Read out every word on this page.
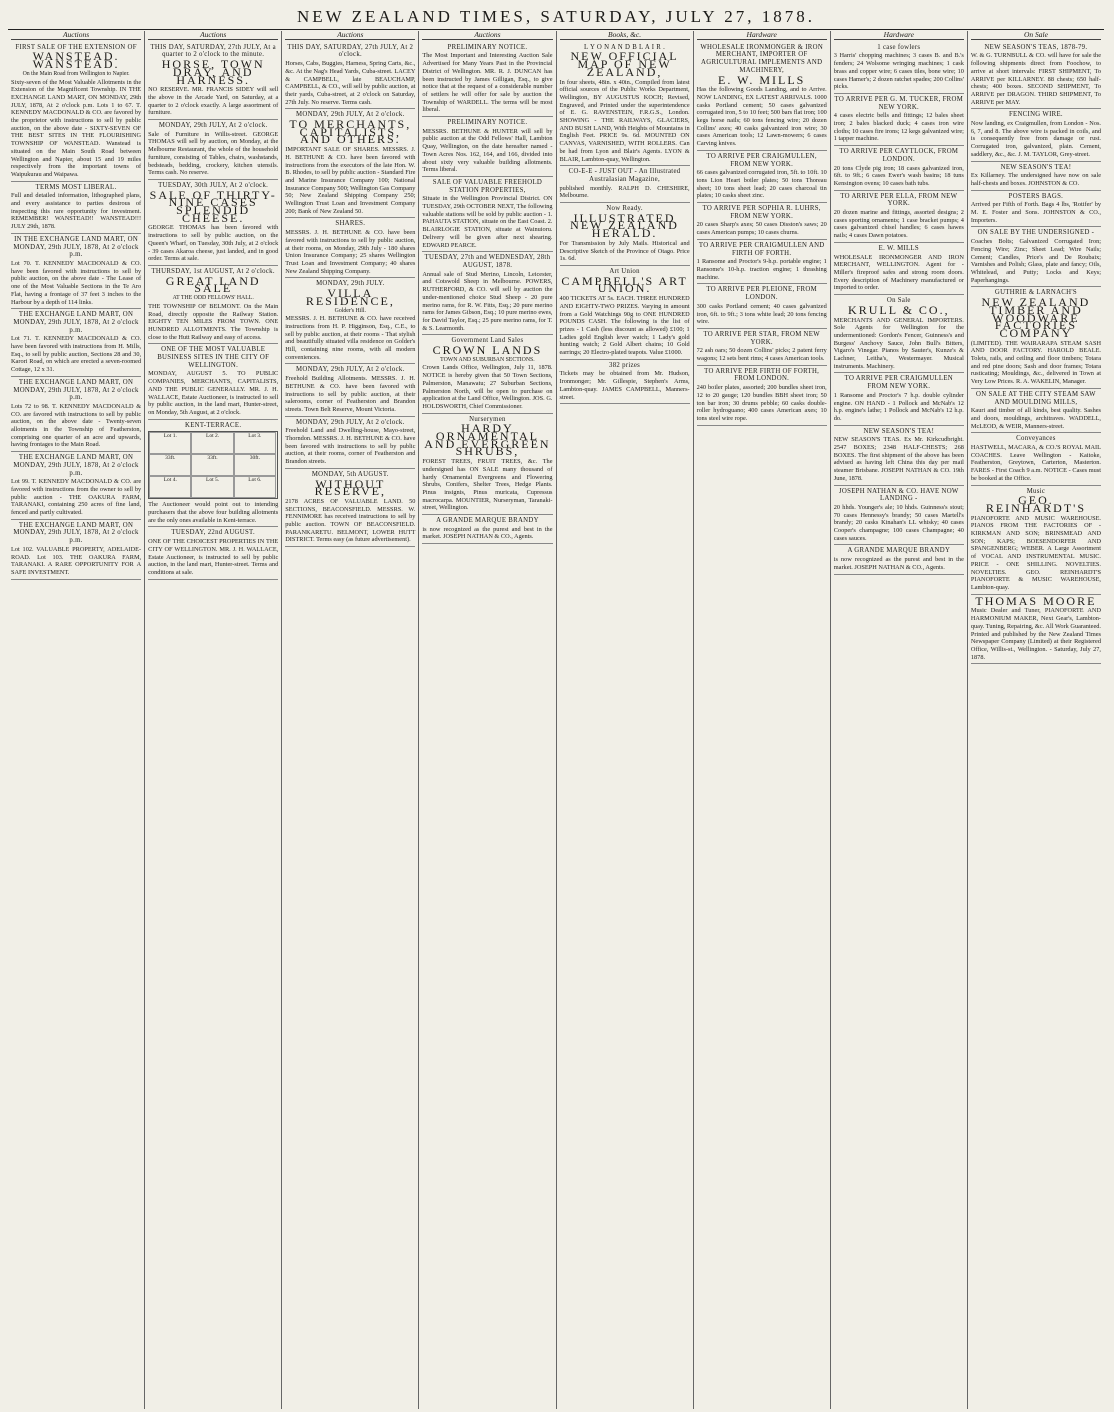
NEW ZEALAND TIMES, SATURDAY, JULY 27, 1878.
Auctions
FIRST SALE OF THE EXTENSION OF
WANSTEAD. WANSTEAD.
On the Main Road from Wellington to Napier.

Sixty-seven of the Most Valuable Allotments in the Extension of the Magnificent Township. IN THE EXCHANGE LAND MART, ON MONDAY, 29th JULY, 1878, At 2 o'clock p.m. Lots 1 to 67. T. KENNEDY MACDONALD & CO. are favored by the proprietor with instructions to sell by public auction, on the above date - SIXTY-SEVEN OF THE BEST SITES IN THE FLOURISHING TOWNSHIP OF WANSTEAD. Wanstead is situated on the Main South Road between Wellington and Napier, about 15 and 19 miles respectively from the important towns of Waipukurau and Waipawa.

TERMS MOST LIBERAL.

Full and detailed information, lithographed plans, and every assistance to parties desirous of inspecting this rare opportunity for investment. REMEMBER! WANSTEAD!! WANSTEAD!!! JULY 29th, 1878.

IN THE EXCHANGE LAND MART, ON MONDAY, 29th JULY, 1878, At 2 o'clock p.m.

Lot 70. T. KENNEDY MACDONALD & CO. have been favored with instructions to sell by public auction, on the above date - The Lease of one of the Most Valuable Sections in the Te Aro Flat, having a frontage of 37 feet 3 inches to the Harbour by a depth of 114 links.

THE EXCHANGE LAND MART, ON MONDAY, 29th JULY, 1878, At 2 o'clock p.m.

Lot 71. T. KENNEDY MACDONALD & CO. have been favored with instructions from H. Mills, Esq., to sell by public auction, Sections 28 and 30, Karori Road, on which are erected a seven-roomed Cottage, 12 x 31.

THE EXCHANGE LAND MART, ON MONDAY, 29th JULY, 1878, At 2 o'clock p.m.

Lots 72 to 98. T. KENNEDY MACDONALD & CO. are favored with instructions to sell by public auction, on the above date - Twenty-seven allotments in the Township of Featherston, comprising one quarter of an acre and upwards, having frontages to the Main Road.

THE EXCHANGE LAND MART, ON MONDAY, 29th JULY, 1878, At 2 o'clock p.m.

Lot 99. T. KENNEDY MACDONALD & CO. are favored with instructions from the owner to sell by public auction - THE OAKURA FARM, TARANAKI, containing 250 acres of fine land, fenced and partly cultivated.

THE EXCHANGE LAND MART, ON MONDAY, 29th JULY, 1878, At 2 o'clock p.m.

Lot 102. VALUABLE PROPERTY, ADELAIDE-ROAD. Lot 103. THE OAKURA FARM, TARANAKI. A RARE OPPORTUNITY FOR A SAFE INVESTMENT.

Auctions
THIS DAY, SATURDAY, 27th JULY, At a quarter to 2 o'clock to the minute.
HORSE, TOWN DRAY, AND HARNESS.

NO RESERVE. MR. FRANCIS SIDEY will sell the above in the Arcade Yard, on Saturday, at a quarter to 2 o'clock exactly. A large assortment of furniture.

MONDAY, 29th JULY, At 2 o'clock.

Sale of Furniture in Willis-street. GEORGE THOMAS will sell by auction, on Monday, at the Melbourne Restaurant, the whole of the household furniture, consisting of Tables, chairs, washstands, bedsteads, bedding, crockery, kitchen utensils. Terms cash. No reserve.

TUESDAY, 30th JULY, At 2 o'clock.
SALE OF THIRTY-NINE CASES SPLENDID CHEESE.

GEORGE THOMAS has been favored with instructions to sell by public auction, on the Queen's Wharf, on Tuesday, 30th July, at 2 o'clock - 39 cases Akaroa cheese, just landed, and in good order. Terms at sale.

THURSDAY, 1st AUGUST, At 2 o'clock.
GREAT LAND SALE
AT THE ODD FELLOWS' HALL.

THE TOWNSHIP OF BELMONT. On the Main Road, directly opposite the Railway Station. EIGHTY TEN MILES FROM TOWN. ONE HUNDRED ALLOTMENTS. The Township is close to the Hutt Railway and easy of access.

ONE OF THE MOST VALUABLE BUSINESS SITES IN THE CITY OF WELLINGTON.

MONDAY, AUGUST 5. TO PUBLIC COMPANIES, MERCHANTS, CAPITALISTS, AND THE PUBLIC GENERALLY. MR. J. H. WALLACE, Estate Auctioneer, is instructed to sell by public auction, in the land mart, Hunter-street, on Monday, 5th August, at 2 o'clock.

KENT-TERRACE.
Lot 1.	Lot 2.	Lot 3.
33ft.	33ft.	30ft.
Lot 4.	Lot 5.	Lot 6.

The Auctioneer would point out to intending purchasers that the above four building allotments are the only ones available in Kent-terrace.

TUESDAY, 22nd AUGUST.

ONE OF THE CHOICEST PROPERTIES IN THE CITY OF WELLINGTON. MR. J. H. WALLACE, Estate Auctioneer, is instructed to sell by public auction, in the land mart, Hunter-street. Terms and conditions at sale.

Auctions
THIS DAY, SATURDAY, 27th JULY, At 2 o'clock.

Horses, Cabs, Buggies, Harness, Spring Carts, &c., &c. At the Nag's Head Yards, Cuba-street. LACEY & CAMPBELL, late BEAUCHAMP, CAMPBELL, & CO., will sell by public auction, at their yards, Cuba-street, at 2 o'clock on Saturday, 27th July. No reserve. Terms cash.

MONDAY, 29th JULY, At 2 o'clock.
TO MERCHANTS, CAPITALISTS, AND OTHERS.

IMPORTANT SALE OF SHARES. MESSRS. J. H. BETHUNE & CO. have been favored with instructions from the executors of the late Hon. W. B. Rhodes, to sell by public auction - Standard Fire and Marine Insurance Company 100; National Insurance Company 500; Wellington Gas Company 50; New Zealand Shipping Company 250; Wellington Trust Loan and Investment Company 200; Bank of New Zealand 50.

SHARES.

MESSRS. J. H. BETHUNE & CO. have been favored with instructions to sell by public auction, at their rooms, on Monday, 29th July - 180 shares Union Insurance Company; 25 shares Wellington Trust Loan and Investment Company; 40 shares New Zealand Shipping Company.

MONDAY, 29th JULY.
VILLA RESIDENCE,
Golder's Hill.

MESSRS. J. H. BETHUNE & CO. have received instructions from H. P. Higginson, Esq., C.E., to sell by public auction, at their rooms - That stylish and beautifully situated villa residence on Golder's Hill, containing nine rooms, with all modern conveniences.

MONDAY, 29th JULY, At 2 o'clock.

Freehold Building Allotments. MESSRS. J. H. BETHUNE & CO. have been favored with instructions to sell by public auction, at their salerooms, corner of Featherston and Brandon streets. Town Belt Reserve, Mount Victoria.

MONDAY, 29th JULY, At 2 o'clock.

Freehold Land and Dwelling-house, Mayo-street, Thorndon. MESSRS. J. H. BETHUNE & CO. have been favored with instructions to sell by public auction, at their rooms, corner of Featherston and Brandon streets.

MONDAY, 5th AUGUST.
WITHOUT RESERVE,

2178 ACRES OF VALUABLE LAND. 50 SECTIONS, BEACONSFIELD. MESSRS. W. FENNIMORE has received instructions to sell by public auction. TOWN OF BEACONSFIELD. PARANKARETU. BELMONT, LOWER HUTT DISTRICT. Terms easy (as future advertisement).

Auctions
PRELIMINARY NOTICE.

The Most Important and Interesting Auction Sale Advertised for Many Years Past in the Provincial District of Wellington. MR. R. J. DUNCAN has been instructed by James Gilligan, Esq., to give notice that at the request of a considerable number of settlers he will offer for sale by auction the Township of WARDELL. The terms will be most liberal.

PRELIMINARY NOTICE.

MESSRS. BETHUNE & HUNTER will sell by public auction at the Odd Fellows' Hall, Lambton Quay, Wellington, on the date hereafter named - Town Acres Nos. 162, 164, and 166, divided into about sixty very valuable building allotments. Terms liberal.

SALE OF VALUABLE FREEHOLD STATION PROPERTIES,

Situate in the Wellington Provincial District. ON TUESDAY, 29th OCTOBER NEXT, The following valuable stations will be sold by public auction - 1. PAHAUTA STATION, situate on the East Coast. 2. BLAIRLOGIE STATION, situate at Wainuioru. Delivery will be given after next shearing. EDWARD PEARCE.

TUESDAY, 27th and WEDNESDAY, 28th AUGUST, 1878.

Annual sale of Stud Merino, Lincoln, Leicester, and Cotswold Sheep in Melbourne. POWERS, RUTHERFORD, & CO. will sell by auction the under-mentioned choice Stud Sheep - 20 pure merino rams, for R. W. Fitts, Esq.; 20 pure merino rams for James Gibson, Esq.; 10 pure merino ewes, for David Taylor, Esq.; 25 pure merino rams, for T. & S. Learmonth.

Government Land Sales
CROWN LANDS
TOWN AND SUBURBAN SECTIONS.

Crown Lands Office, Wellington, July 11, 1878. NOTICE is hereby given that 50 Town Sections, Palmerston, Manawatu; 27 Suburban Sections, Palmerston North, will be open to purchase on application at the Land Office, Wellington. JOS. G. HOLDSWORTH, Chief Commissioner.

Nurserymen
HARDY ORNAMENTAL AND EVERGREEN SHRUBS,

FOREST TREES, FRUIT TREES, &c. The undersigned has ON SALE many thousand of hardy Ornamental Evergreens and Flowering Shrubs, Conifers, Shelter Trees, Hedge Plants. Pinus insignis, Pinus muricata, Cupressus macrocarpa. MOUNTIER, Nurseryman, Taranaki-street, Wellington.

A GRANDE MARQUE BRANDY

is now recognized as the purest and best in the market. JOSEPH NATHAN & CO., Agents.

Books, &c.
L Y O N A N D B L A I R .
NEW OFFICIAL MAP OF NEW ZEALAND,

In four sheets, 48in. x 40in., Compiled from latest official sources of the Public Works Department, Wellington, BY AUGUSTUS KOCH; Revised, Engraved, and Printed under the superintendence of E. G. RAVENSTEIN, F.R.G.S., London. SHOWING - THE RAILWAYS, GLACIERS, AND BUSH LAND, With Heights of Mountains in English Feet. PRICE 9s. 6d. MOUNTED ON CANVAS, VARNISHED, WITH ROLLERS. Can be had from Lyon and Blair's Agents. LYON & BLAIR, Lambton-quay, Wellington.

CO-E-E - JUST OUT - An Illustrated Australasian Magazine,

published monthly. RALPH D. CHESHIRE, Melbourne.

Now Ready.
ILLUSTRATED NEW ZEALAND HERALD.

For Transmission by July Mails. Historical and Descriptive Sketch of the Province of Otago. Price 1s. 6d.

Art Union
CAMPBELL'S ART UNION.

400 TICKETS AT 5s. EACH. THREE HUNDRED AND EIGHTY-TWO PRIZES. Varying in amount from a Gold Watchings 90g to ONE HUNDRED POUNDS CASH. The following is the list of prizes - 1 Cash (less discount as allowed) £100; 1 Ladies gold English lever watch; 1 Lady's gold hunting watch; 2 Gold Albert chains; 10 Gold earrings; 20 Electro-plated teapots. Value £1000.

382 prizes

Tickets may be obtained from Mr. Hudson, Ironmonger; Mr. Gillespie, Stephen's Arms, Lambton-quay. JAMES CAMPBELL, Manners-street.

Hardware
WHOLESALE IRONMONGER & IRON MERCHANT, IMPORTER OF AGRICULTURAL IMPLEMENTS AND MACHINERY,
E. W. MILLS

Has the following Goods Landing, and to Arrive. NOW LANDING, EX LATEST ARRIVALS. 1000 casks Portland cement; 50 cases galvanized corrugated iron, 5 to 10 feet; 500 bars flat iron; 100 kegs horse nails; 60 tons fencing wire; 20 dozen Collins' axes; 40 casks galvanized iron wire; 30 cases American tools; 12 Lawn-mowers; 6 cases Carving knives.

TO ARRIVE PER CRAIGMULLEN, FROM NEW YORK.

66 cases galvanized corrugated iron, 5ft. to 10ft. 10 tons Lion Heart boiler plates; 50 tons Thoreau sheet; 10 tons sheet lead; 20 cases charcoal tin plates; 10 casks sheet zinc.

TO ARRIVE PER SOPHIA R. LUHRS, FROM NEW YORK.

20 cases Sharp's axes; 50 cases Disston's saws; 20 cases American pumps; 10 cases churns.

TO ARRIVE PER CRAIGMULLEN AND FIRTH OF FORTH.

1 Ransome and Proctor's 9-h.p. portable engine; 1 Ransome's 10-h.p. traction engine; 1 thrashing machine.

TO ARRIVE PER PLEIONE, FROM LONDON.

300 casks Portland cement; 40 cases galvanized iron, 6ft. to 9ft.; 3 tons white lead; 20 tons fencing wire.

TO ARRIVE PER STAR, FROM NEW YORK.

72 ash oars; 50 dozen Collins' picks; 2 patent ferry wagons; 12 sets bent rims; 4 cases American tools.

TO ARRIVE PER FIRTH OF FORTH, FROM LONDON.

240 boiler plates, assorted; 200 bundles sheet iron, 12 to 20 gauge; 120 bundles BBH sheet iron; 50 ton bar iron; 30 drums pebble; 60 casks double-roller hydroguano; 400 cases American axes; 10 tons steel wire rope.

Hardware
1 case fowlers

3 Harris' chopping machines; 3 cases B. and B.'s fenders; 24 Wolsome wringing machines; 1 cask brass and copper wire; 6 cases tiles, bone wire; 10 cases Hamer's; 2 dozen ratchet spades; 200 Collins' picks.

TO ARRIVE PER G. M. TUCKER, FROM NEW YORK.

4 cases electric bells and fittings; 12 bales sheet iron; 2 bales blacked duck; 4 cases iron wire cloths; 10 cases fire irons; 12 kegs galvanized wire; 1 tapper machine.

TO ARRIVE PER CAYTLOCK, FROM LONDON.

20 tons Clyde pig iron; 18 cases galvanized iron, 6ft. to 9ft.; 6 cases Ewer's wash basins; 18 tuns Kensington ovens; 10 cases bath tubs.

TO ARRIVE PER ELLA, FROM NEW YORK.

20 dozen marine and fittings, assorted designs; 2 cases sporting ornaments; 1 case bracket pumps; 4 cases galvanized chisel handles; 6 cases hawes nails; 4 cases Dawn potatoes.

E. W. MILLS

WHOLESALE IRONMONGER AND IRON MERCHANT, WELLINGTON. Agent for - Miller's fireproof safes and strong room doors. Every description of Machinery manufactured or imported to order.

On Sale
KRULL & CO.,

MERCHANTS AND GENERAL IMPORTERS. Sole Agents for Wellington for the undermentioned: Gordon's Fencer, Guinness's and Burgess' Anchovy Sauce, John Bull's Bitters, Vigaro's Vinegar. Pianos by Sauter's, Kunze's & Lachner, Leitha's, Westermayer. Musical instruments. Machinery.

TO ARRIVE PER CRAIGMULLEN FROM NEW YORK.

1 Ransome and Proctor's 7 h.p. double cylinder engine. ON HAND - 1 Pollock and McNab's 12 h.p. engine's lathe; 1 Pollock and McNab's 12 h.p. do.

NEW SEASON'S TEA!

NEW SEASON'S TEAS. Ex Mr. Kirkcudbright. 2547 BOXES; 2348 HALF-CHESTS; 268 BOXES. The first shipment of the above has been advised as having left China this day per mail steamer Brisbane. JOSEPH NATHAN & CO. 19th June, 1878.

JOSEPH NATHAN & CO. HAVE NOW LANDING -

20 hhds. Younger's ale; 10 hhds. Guinness's stout; 70 cases Hennessy's brandy; 50 cases Martell's brandy; 20 casks Kinahan's LL whisky; 40 cases Cooper's champagne; 100 cases Champagne; 40 cases sauces.

A GRANDE MARQUE BRANDY

is now recognized as the purest and best in the market. JOSEPH NATHAN & CO., Agents.

On Sale
NEW SEASON'S TEAS, 1878-79.

W. & G. TURNBULL & CO. will have for sale the following shipments direct from Foochow, to arrive at short intervals: FIRST SHIPMENT, To ARRIVE per KILLARNEY. 88 chests; 650 half-chests; 400 boxes. SECOND SHIPMENT, To ARRIVE per DRAGON. THIRD SHIPMENT, To ARRIVE per MAY.

FENCING WIRE.

Now landing, ex Craigmullen, from London - Nos. 6, 7, and 8. The above wire is packed in coils, and is consequently free from damage or rust. Corrugated iron, galvanized, plain. Cement, saddlery, &c., &c. J. M. TAYLOR, Grey-street.

NEW SEASON'S TEA!

Ex Killarney. The undersigned have now on sale half-chests and boxes. JOHNSTON & CO.

POSTERS BAGS.

Arrived per Fifth of Forth. Bags 4 lbs, 'Rotifer' by M. E. Foster and Sons. JOHNSTON & CO., Importers.

ON SALE BY THE UNDERSIGNED -

Coaches Bolts; Galvanized Corrugated Iron; Fencing Wire; Zinc; Sheet Lead; Wire Nails; Cement; Candles, Price's and De Roubaix; Varnishes and Polish; Glass, plate and fancy; Oils, Whitelead, and Putty; Locks and Keys; Paperhangings.

GUTHRIE & LARNACH'S
NEW ZEALAND TIMBER AND WOODWARE FACTORIES COMPANY

(LIMITED). THE WAIRARAPA STEAM SASH AND DOOR FACTORY. HAROLD BEALE. Tolets, rails, and ceiling and floor timbers; Totara and red pine doors; Sash and door frames; Totara rusticating; Mouldings, &c., delivered in Town at Very Low Prices. R. A. WAKELIN, Manager.

ON SALE AT THE CITY STEAM SAW AND MOULDING MILLS,

Kauri and timber of all kinds, best quality. Sashes and doors, mouldings, architraves. WADDELL, McLEOD, & WEIR, Manners-street.

Conveyances

HASTWELL, MACARA, & CO.'S ROYAL MAIL COACHES. Leave Wellington - Kaitoke, Featherston, Greytown, Carterton, Masterton. FARES - First Coach 9 a.m. NOTICE - Cases must be booked at the Office.

Music
GEO. REINHARDT'S

PIANOFORTE AND MUSIC WAREHOUSE. PIANOS FROM THE FACTORIES OF - KIRKMAN AND SON; BRINSMEAD AND SON; KAPS; BOESENDORFER AND SPANGENBERG; WEBER. A Large Assortment of VOCAL AND INSTRUMENTAL MUSIC. PRICE - ONE SHILLING. NOVELTIES. NOVELTIES. GEO. REINHARDT'S PIANOFORTE & MUSIC WAREHOUSE, Lambton-quay.

THOMAS MOORE

Music Dealer and Tuner, PIANOFORTE AND HARMONIUM MAKER, Next Gear's, Lambton-quay. Tuning, Repairing, &c. All Work Guaranteed. Printed and published by the New Zealand Times Newspaper Company (Limited) at their Registered Office, Willis-st., Wellington. - Saturday, July 27, 1878.
